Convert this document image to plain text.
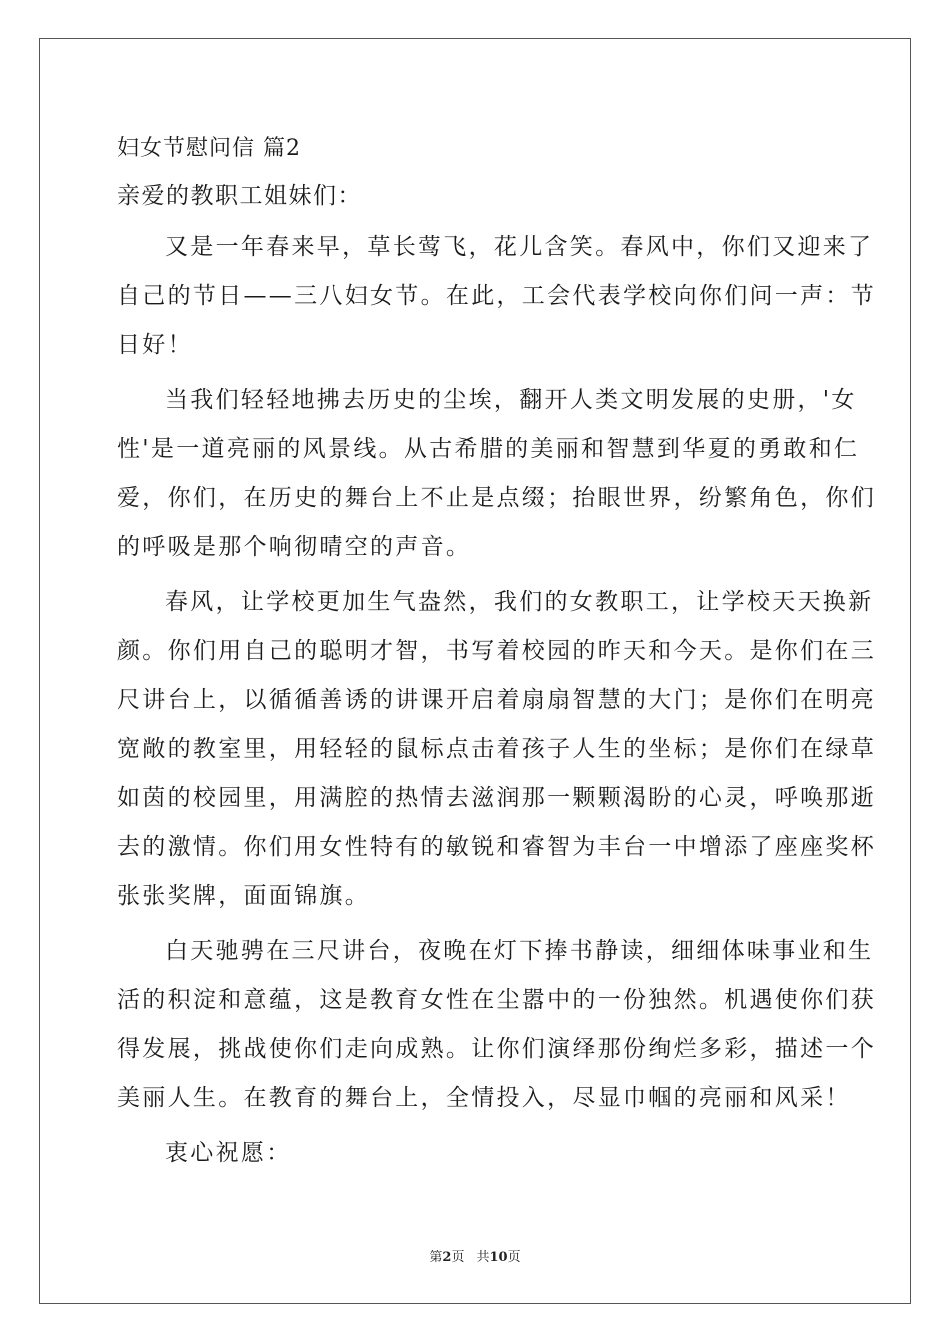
妇女节慰问信 篇2
亲爱的教职工姐妹们：
又是一年春来早，草长莺飞，花儿含笑。春风中，你们又迎来了
自己的节日——三八妇女节。在此，工会代表学校向你们问一声：节
日好！
当我们轻轻地拂去历史的尘埃，翻开人类文明发展的史册，'女
性'是一道亮丽的风景线。从古希腊的美丽和智慧到华夏的勇敢和仁
爱，你们，在历史的舞台上不止是点缀；抬眼世界，纷繁角色，你们
的呼吸是那个响彻晴空的声音。
春风，让学校更加生气盎然，我们的女教职工，让学校天天换新
颜。你们用自己的聪明才智，书写着校园的昨天和今天。是你们在三
尺讲台上，以循循善诱的讲课开启着扇扇智慧的大门；是你们在明亮
宽敞的教室里，用轻轻的鼠标点击着孩子人生的坐标；是你们在绿草
如茵的校园里，用满腔的热情去滋润那一颗颗渴盼的心灵，呼唤那逝
去的激情。你们用女性特有的敏锐和睿智为丰台一中增添了座座奖杯
张张奖牌，面面锦旗。
白天驰骋在三尺讲台，夜晚在灯下捧书静读，细细体味事业和生
活的积淀和意蕴，这是教育女性在尘嚣中的一份独然。机遇使你们获
得发展，挑战使你们走向成熟。让你们演绎那份绚烂多彩，描述一个
美丽人生。在教育的舞台上，全情投入，尽显巾帼的亮丽和风采！
衷心祝愿：
第2页 共10页
